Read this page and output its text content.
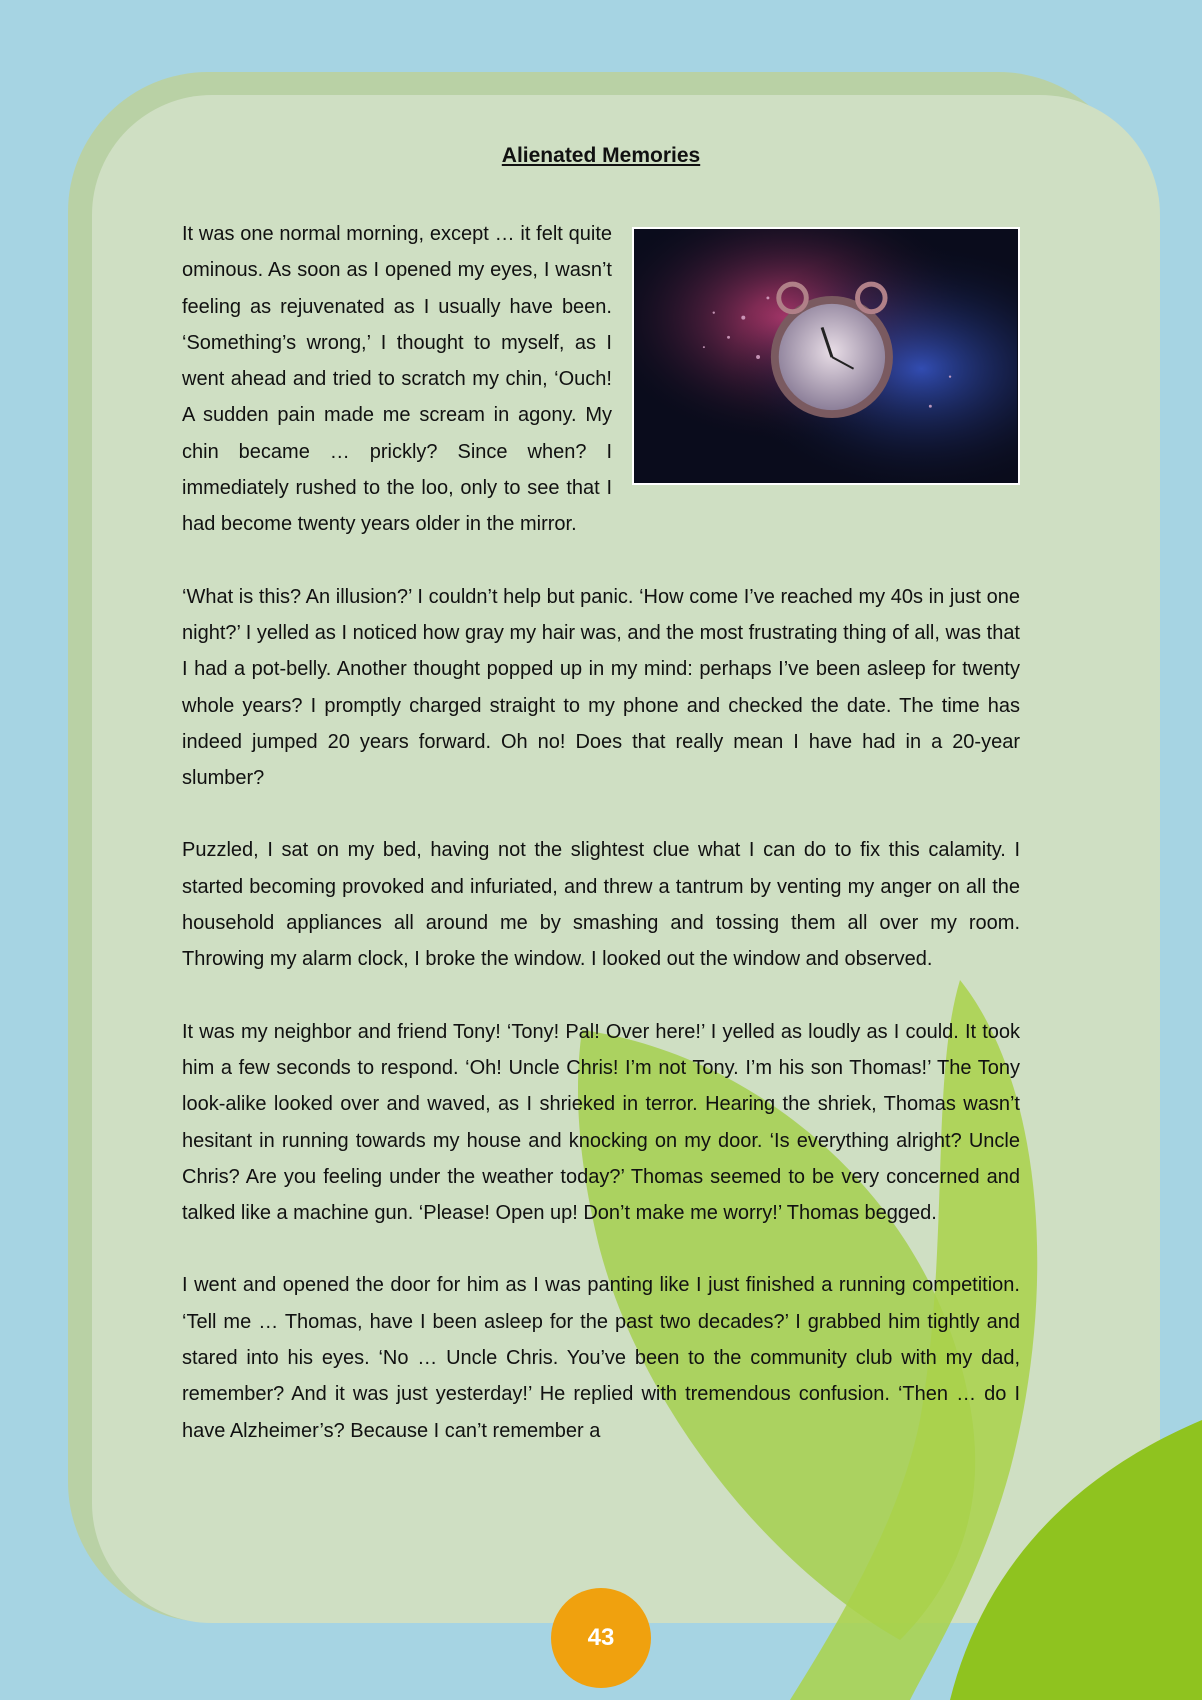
Alienated Memories

It was one normal morning, except … it felt quite ominous. As soon as I opened my eyes, I wasn’t feeling as rejuvenated as I usually have been. ‘Something’s wrong,’ I thought to myself, as I went ahead and tried to scratch my chin, ‘Ouch! A sudden pain made me scream in agony. My chin became … prickly? Since when? I immediately rushed to the loo, only to see that I had become twenty years older in the mirror.

‘What is this? An illusion?’ I couldn’t help but panic. ‘How come I’ve reached my 40s in just one night?’ I yelled as I noticed how gray my hair was, and the most frustrating thing of all, was that I had a pot-belly. Another thought popped up in my mind: perhaps I’ve been asleep for twenty whole years? I promptly charged straight to my phone and checked the date. The time has indeed jumped 20 years forward. Oh no! Does that really mean I have had in a 20-year slumber?

Puzzled, I sat on my bed, having not the slightest clue what I can do to fix this calamity. I started becoming provoked and infuriated, and threw a tantrum by venting my anger on all the household appliances all around me by smashing and tossing them all over my room. Throwing my alarm clock, I broke the window. I looked out the window and observed.

It was my neighbor and friend Tony! ‘Tony! Pal! Over here!’ I yelled as loudly as I could. It took him a few seconds to respond. ‘Oh! Uncle Chris! I’m not Tony. I’m his son Thomas!’ The Tony look-alike looked over and waved, as I shrieked in terror. Hearing the shriek, Thomas wasn’t hesitant in running towards my house and knocking on my door. ‘Is everything alright? Uncle Chris? Are you feeling under the weather today?’ Thomas seemed to be very concerned and talked like a machine gun. ‘Please! Open up! Don’t make me worry!’ Thomas begged.

I went and opened the door for him as I was panting like I just finished a running competition. ‘Tell me … Thomas, have I been asleep for the past two decades?’ I grabbed him tightly and stared into his eyes. ‘No … Uncle Chris. You’ve been to the community club with my dad, remember? And it was just yesterday!’ He replied with tremendous confusion. ‘Then … do I have Alzheimer’s? Because I can’t remember a

43
